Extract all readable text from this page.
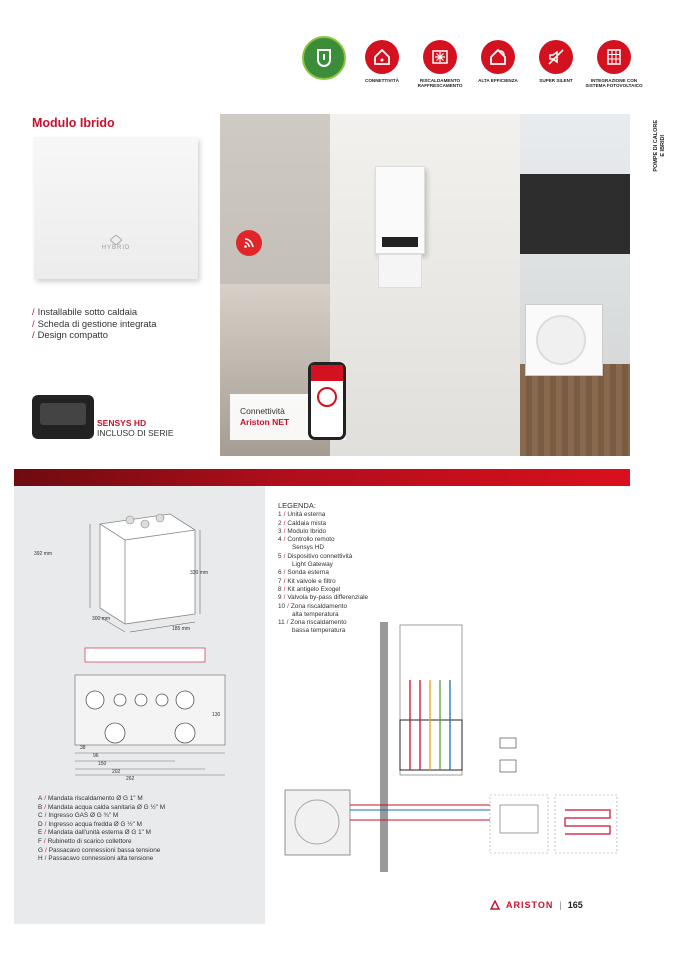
CONNETTIVITÀ	RISCALDAMENTO RAFFRESCAMENTO
ALTA EFFICIENZA	SUPER SILENT	INTEGRAZIONE CON SISTEMA FOTOVOLTAICO
POMPE DI CALORE E IBRIDI
Modulo Ibrido
HYBRID
/ Installabile sotto caldaia
/ Scheda di gestione integrata
/ Design compatto
SENSYS HD
INCLUSO DI SERIE
Connettività
Ariston NET
392 mm
330 mm
300 mm
185 mm
A / Mandata riscaldamento Ø G 1" M
B / Mandata acqua calda sanitaria Ø G ½" M
C / Ingresso GAS Ø G ¾" M
D / Ingresso acqua fredda Ø G ½" M
E / Mandata dall'unità esterna Ø G 1" M
F / Rubinetto di scarico collettore
G / Passacavo connessioni bassa tensione
H / Passacavo connessioni alta tensione
LEGENDA:
1 / Unità esterna
2 / Caldaia mista
3 / Modulo Ibrido
4 / Controllo remoto
Sensys HD
5 / Dispositivo connettività
Light Gateway
6 / Sonda esterna
7 / Kit valvole e filtro
8 / Kit antigelo Exogel
9 / Valvola by-pass differenziale
10 / Zona riscaldamento
alta temperatura
11 / Zona riscaldamento
bassa temperatura
ARISTON | 165
38
96
150
202
262
130
